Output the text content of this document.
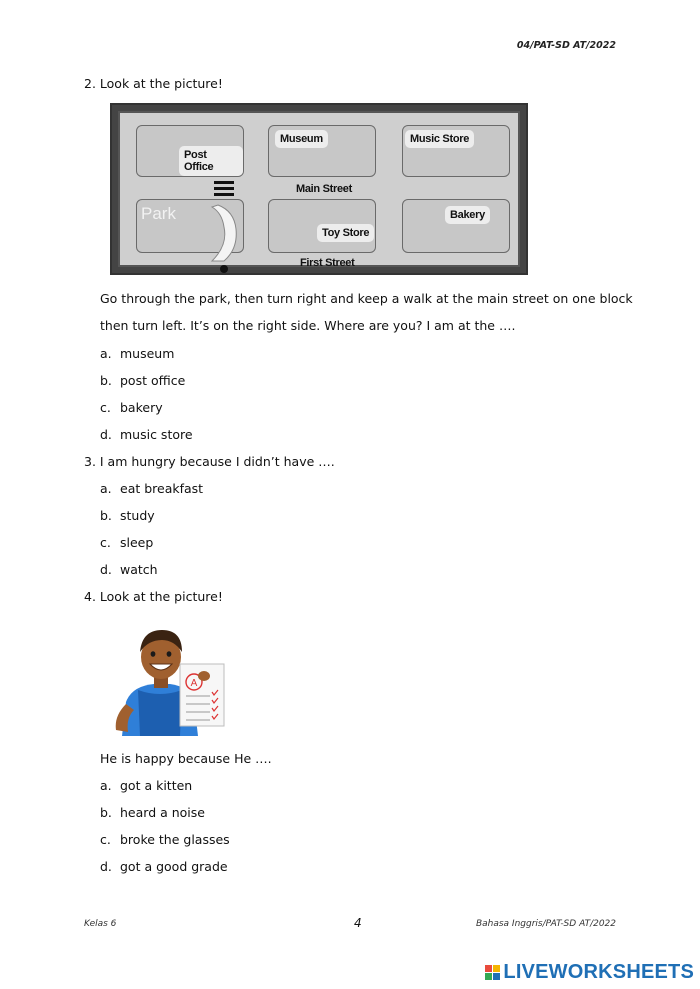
04/PAT-SD AT/2022
2. Look at the picture!
Post Office
Museum	Music Store
Main Street
Park
Toy Store
Bakery
First Street
Go through the park, then turn right and keep a walk at the main street on one block
then turn left. It’s on the right side. Where are you? I am at the ….
a. museum
b. post office
c. bakery
d. music store
3. I am hungry because I didn’t have ….
a. eat breakfast
b. study
c. sleep
d. watch
4. Look at the picture!
A
He is happy because He ….
a. got a kitten
b. heard a noise
c. broke the glasses
d. got a good grade
Kelas 6	4	Bahasa Inggris/PAT-SD AT/2022
LIVEWORKSHEETS
